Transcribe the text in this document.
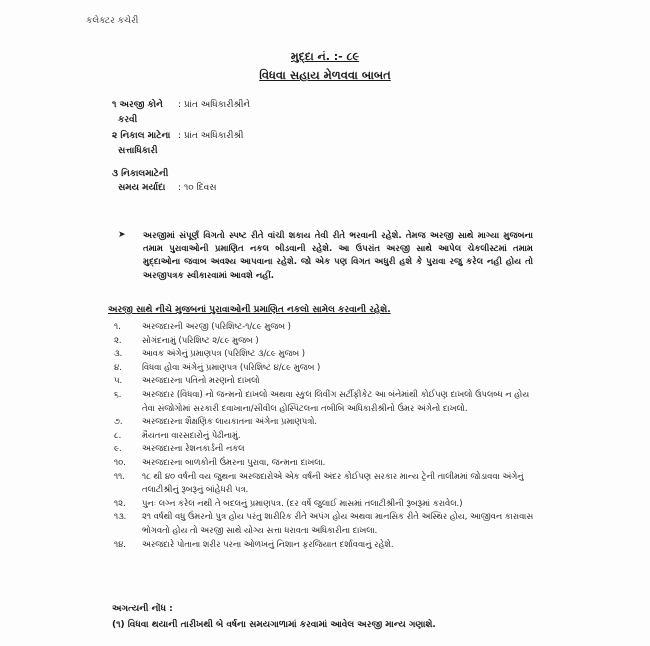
કલેક્ટર કચેરી
મુદ્દા નં. :- ૮૯
વિધવા સહાય મેળવવા બાબત
૧ અરજી કોને
કરવી
: પ્રાંત અધિકારીશ્રીને
૨ નિકાલ માટેના
સત્તાધિકારી
: પ્રાંત અધિકારીશ્રી
૩ નિકાલમાટેની
સમય મર્યાદા : ૧૦ દિવસ
➤ અરજીમાં સંપૂર્ણ વિગતો સ્પષ્ટ રીતે વાંચી શકાય તેવી રીતે ભરવાની રહેશે. તેમજ અરજી સાથે માગ્યા મુજબના તમામ પુરાવાઓની પ્રમાણિત નકલ બીડવાની રહેશે. આ ઉપરાંત અરજી સાથે આપેલ ચેકલીસ્ટમાં તમામ મુદ્દાઓના જવાબ અવશ્ય આપવાના રહેશે. જો એક પણ વિગત અધુરી હશે કે પુરાવા રજુ કરેલ નહી હોય તો અરજીપત્રક સ્વીકારવામાં આવશે નહીં.
અરજી સાથે નીચે મુજબનાં પુરાવાઓની પ્રમાણિત નકલો સામેલ કરવાની રહેશે.
૧.	અરજદારની અરજી (પરિશિષ્ટ-૧/૮૯ મુજબ )
૨.	સોગંદનામું (પરિશિષ્ટ ૨/૮૯ મુજબ )
૩.	આવક અંગેનું પ્રમાણપત્ર (પરિશિષ્ટ ૩/૮૯ મુજબ )
૪.	વિધવા હોવા અંગેનું પ્રમાણપત્ર (પરિશિષ્ટ ૪/૮૯ મુજબ )
૫.	અરજદારના પતિનો મરણનો દાખલો
૬.	અરજદાર (વિધવા) નો જન્મનો દાખલો અથવા સ્કુલ લિવીંગ સર્ટીફીકેટ આ બંનેમાંથી કોઈપણ દાખલો ઉપલબ્ધ ન હોય તેવા સંજોગોમાં સરકારી દવાખાના/સીવીલ હોસ્પિટલના તબીબિ અધિકારીશ્રીનો ઉંમર અંગેનો દાખલો.
૭.	અરજદારના શૈક્ષણિક લાયકાતના અંગેના પ્રમાણપત્રો.
૮.	મૈયતના વારસદારોનું પેઢીનામું.
૯.	અરજદારના રેશનકાર્ડની નકલ
૧૦.	અરજદારના બાળકોની ઉંમરના પુરાવા, જન્મના દાખલા.
૧૧.	૧૮ થી ૪૦ વર્ષની વય જુથના અરજદારોએ એક વર્ષની અંદર કોઈપણ સરકાર માન્ય ટ્રેની તાલીમમાં જોડાવવા અંગેનું તલાટીશ્રીનું રૂબરૂનું બાંહેધરી પત્ર.
૧૨.	પુનઃ લગ્ન કરેલ નથી તે બદલનું પ્રમાણપત્ર. (દર વર્ષે જુલાઈ માસમાં તલાટીશ્રીની રૂબરૂમાં કરાવેલ.)
૧૩.	૨૧ વર્ષથી વધુ ઉંમરનો પુત્ર હોય પરંતુ શારીરિક રીતે અપંગ હોય અથવા માનસિક રીતે અસ્થિર હોય, આજીવન કારાવાસ ભોગવતો હોય તો અરજી સાથે યોગ્ય સત્તા ધરાવતા અધિકારીના દાખલા.
૧૪.	અરજદારે પોતાના શરીર પરના ઓળખનું નિશાન ફરજિયાત દર્શાવવાનું રહેશે.
અગત્યની નોંધ :
(૧) વિધવા થયાની તારીખથી બે વર્ષના સમયગાળામાં કરવામાં આવેલ અરજી માન્ય ગણાશે.
